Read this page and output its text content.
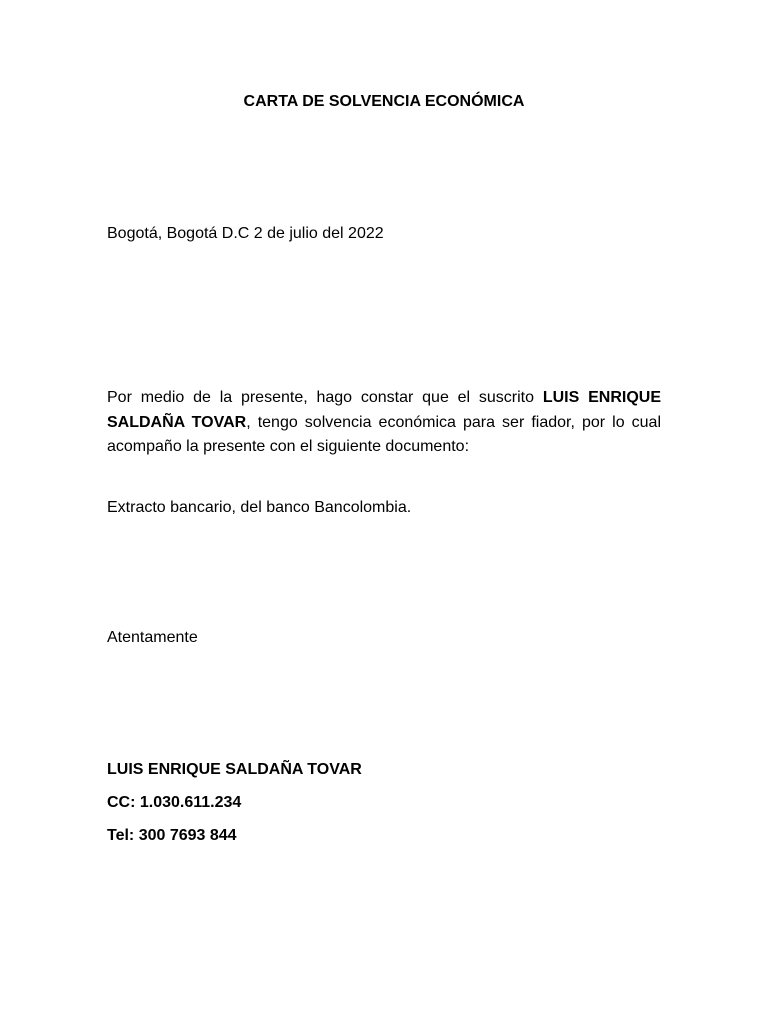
CARTA DE SOLVENCIA ECONÓMICA
Bogotá, Bogotá D.C 2 de julio del 2022
Por medio de la presente, hago constar que el suscrito LUIS ENRIQUE SALDAÑA TOVAR, tengo solvencia económica para ser fiador, por lo cual acompaño la presente con el siguiente documento:
Extracto bancario, del banco Bancolombia.
Atentamente
LUIS ENRIQUE SALDAÑA TOVAR
CC: 1.030.611.234
Tel: 300 7693 844
